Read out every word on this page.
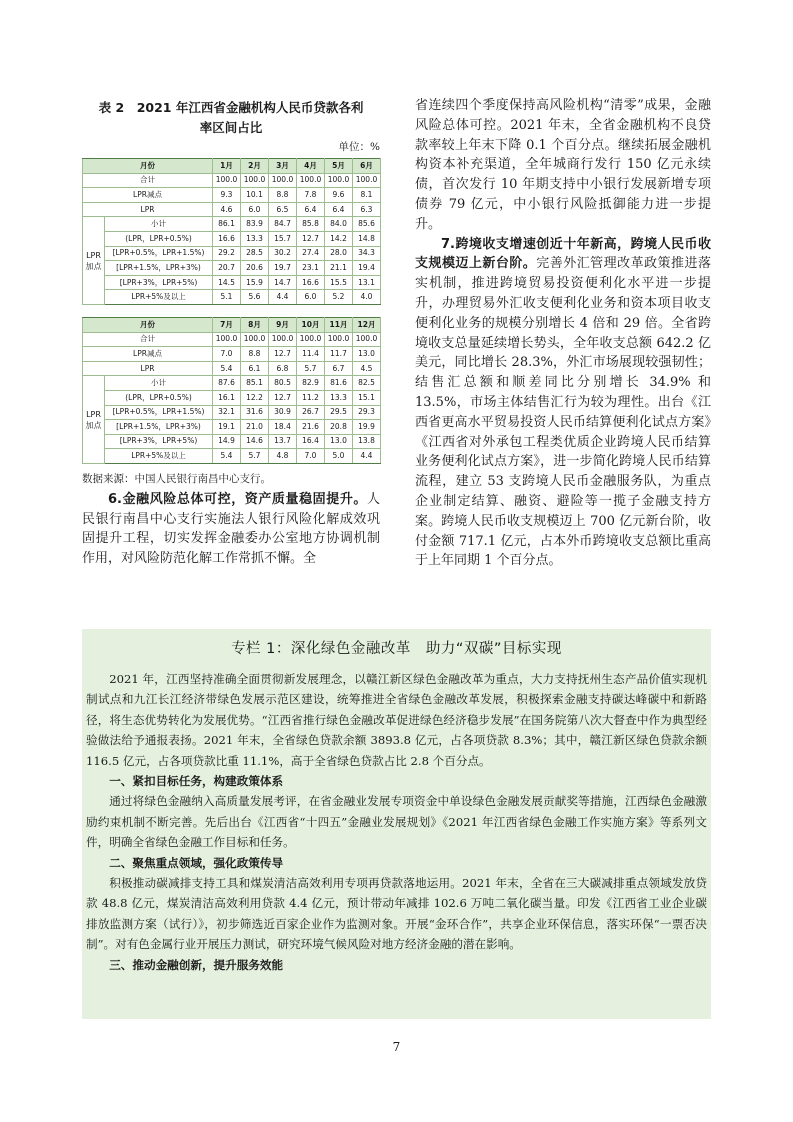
表 2　2021 年江西省金融机构人民币贷款各利

率区间占比

单位：%
月份		1月	2月	3月	4月	5月	6月
合计		100.0	100.0	100.0	100.0	100.0	100.0
LPR减点		9.3	10.1	8.8	7.8	9.6	8.1
LPR		4.6	6.0	6.5	6.4	6.4	6.3
LPR
加点	小计	86.1	83.9	84.7	85.8	84.0	85.6
	(LPR，LPR+0.5%)	16.6	13.3	15.7	12.7	14.2	14.8
	[LPR+0.5%，LPR+1.5%)	29.2	28.5	30.2	27.4	28.0	34.3
	[LPR+1.5%，LPR+3%)	20.7	20.6	19.7	23.1	21.1	19.4
	[LPR+3%，LPR+5%)	14.5	15.9	14.7	16.6	15.5	13.1
	LPR+5%及以上	5.1	5.6	4.4	6.0	5.2	4.0
月份		7月	8月	9月	10月	11月	12月
合计		100.0	100.0	100.0	100.0	100.0	100.0
LPR减点		7.0	8.8	12.7	11.4	11.7	13.0
LPR		5.4	6.1	6.8	5.7	6.7	4.5
LPR
加点	小计	87.6	85.1	80.5	82.9	81.6	82.5
	(LPR，LPR+0.5%)	16.1	12.2	12.7	11.2	13.3	15.1
	[LPR+0.5%，LPR+1.5%)	32.1	31.6	30.9	26.7	29.5	29.3
	[LPR+1.5%，LPR+3%)	19.1	21.0	18.4	21.6	20.8	19.9
	[LPR+3%，LPR+5%)	14.9	14.6	13.7	16.4	13.0	13.8
	LPR+5%及以上	5.4	5.7	4.8	7.0	5.0	4.4
数据来源：中国人民银行南昌中心支行。

6.金融风险总体可控，资产质量稳固提升。人民银行南昌中心支行实施法人银行风险化解成效巩固提升工程，切实发挥金融委办公室地方协调机制作用，对风险防范化解工作常抓不懈。全

省连续四个季度保持高风险机构“清零”成果，金融风险总体可控。2021 年末，全省金融机构不良贷款率较上年末下降 0.1 个百分点。继续拓展金融机构资本补充渠道，全年城商行发行 150 亿元永续债，首次发行 10 年期支持中小银行发展新增专项债券 79 亿元，中小银行风险抵御能力进一步提升。

7.跨境收支增速创近十年新高，跨境人民币收支规模迈上新台阶。完善外汇管理改革政策推进落实机制，推进跨境贸易投资便利化水平进一步提升，办理贸易外汇收支便利化业务和资本项目收支便利化业务的规模分别增长 4 倍和 29 倍。全省跨境收支总量延续增长势头，全年收支总额 642.2 亿美元，同比增长 28.3%，外汇市场展现较强韧性；结售汇总额和顺差同比分别增长 34.9% 和 13.5%，市场主体结售汇行为较为理性。出台《江西省更高水平贸易投资人民币结算便利化试点方案》《江西省对外承包工程类优质企业跨境人民币结算业务便利化试点方案》，进一步简化跨境人民币结算流程，建立 53 支跨境人民币金融服务队，为重点企业制定结算、融资、避险等一揽子金融支持方案。跨境人民币收支规模迈上 700 亿元新台阶，收付金额 717.1 亿元，占本外币跨境收支总额比重高于上年同期 1 个百分点。

专栏 1：深化绿色金融改革　助力“双碳”目标实现

2021 年，江西坚持准确全面贯彻新发展理念，以赣江新区绿色金融改革为重点，大力支持抚州生态产品价值实现机制试点和九江长江经济带绿色发展示范区建设，统筹推进全省绿色金融改革发展，积极探索金融支持碳达峰碳中和新路径，将生态优势转化为发展优势。“江西省推行绿色金融改革促进绿色经济稳步发展”在国务院第八次大督查中作为典型经验做法给予通报表扬。2021 年末，全省绿色贷款余额 3893.8 亿元，占各项贷款 8.3%；其中，赣江新区绿色贷款余额 116.5 亿元，占各项贷款比重 11.1%，高于全省绿色贷款占比 2.8 个百分点。

一、紧扣目标任务，构建政策体系

通过将绿色金融纳入高质量发展考评，在省金融业发展专项资金中单设绿色金融发展贡献奖等措施，江西绿色金融激励约束机制不断完善。先后出台《江西省“十四五”金融业发展规划》《2021 年江西省绿色金融工作实施方案》等系列文件，明确全省绿色金融工作目标和任务。

二、聚焦重点领域，强化政策传导

积极推动碳减排支持工具和煤炭清洁高效利用专项再贷款落地运用。2021 年末，全省在三大碳减排重点领域发放贷款 48.8 亿元，煤炭清洁高效利用贷款 4.4 亿元，预计带动年减排 102.6 万吨二氧化碳当量。印发《江西省工业企业碳排放监测方案（试行）》，初步筛选近百家企业作为监测对象。开展“金环合作”，共享企业环保信息，落实环保“一票否决制”。对有色金属行业开展压力测试，研究环境气候风险对地方经济金融的潜在影响。

三、推动金融创新，提升服务效能

7
